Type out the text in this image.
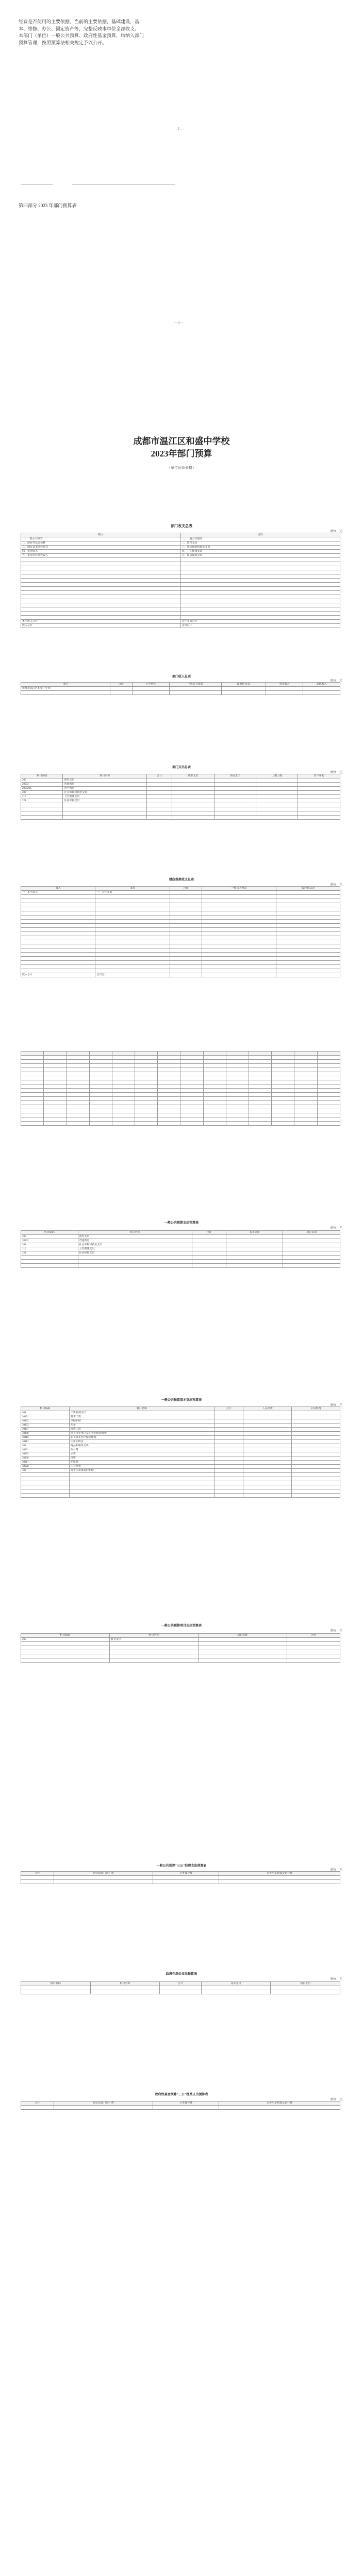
经费是否使用的主要依据，当前的主要依据，基础建设，基
本、维修、办公、固定资产等，完整反映本单位全部收支。
本部门（单位）一般公共预算、政府性基金预算，均纳入部门
预算管理，按照预算法相关规定予以公开。
—1—
第四部分 2023 年部门预算表
—2—
成都市温江区和盛中学校
2023年部门预算
（单位预算表格）
部门收支总表
单位：元
收入	支出
一、一般公共预算	一、一般公共服务
二、政府性基金预算	二、教育支出
三、国有资本经营预算	三、社会保障和就业支出
四、事业收入	四、卫生健康支出
五、事业单位经营收入	五、住房保障支出

本年收入合计	本年支出合计
收入总计	支出总计
部门收入总表
单位：元
单位	合计	上年结转	一般公共预算	政府性基金	事业收入	其他收入
成都市温江区和盛中学校						

部门支出总表
单位：元
科目编码	科目名称	合计	基本支出	项目支出	上缴上级	对下补助
205	教育支出					
20502	普通教育					
2050203	初中教育					
208	社会保障和就业支出					
210	卫生健康支出					
221	住房保障支出					

财政拨款收支总表
单位：元
收入	支出	合计	一般公共预算	政府性基金
一、本年收入	一、本年支出			

收入总计	支出总计			

一般公共预算支出预算表
单位：元
科目编码	科目名称	合计	基本支出	项目支出
205	教育支出			
20502	普通教育			
208	社会保障和就业支出			
210	卫生健康支出			
221	住房保障支出			

一般公共预算基本支出预算表
单位：元
科目编码	科目名称	合计	人员经费	公用经费
301	工资福利支出			
30101	基本工资			
30102	津贴补贴			
30103	奖金			
30107	绩效工资			
30108	机关事业单位基本养老保险缴费			
30110	职工基本医疗保险缴费			
30113	住房公积金			
302	商品和服务支出			
30201	办公费			
30205	水费			
30206	电费			
30211	差旅费			
30228	工会经费			
303	对个人和家庭的补助			

一般公共预算项目支出预算表
单位：元
科目编码	科目名称	项目名称	合计
205	教育支出		

一般公共预算"三公"经费支出预算表
单位：元
合计	因公出国（境）费	公务接待费	公务用车购置及运行费

政府性基金支出预算表
单位：元
科目编码	科目名称	合计	基本支出	项目支出

政府性基金预算"三公"经费支出预算表
单位：元
合计	因公出国（境）费	公务接待费	公务用车购置及运行费
